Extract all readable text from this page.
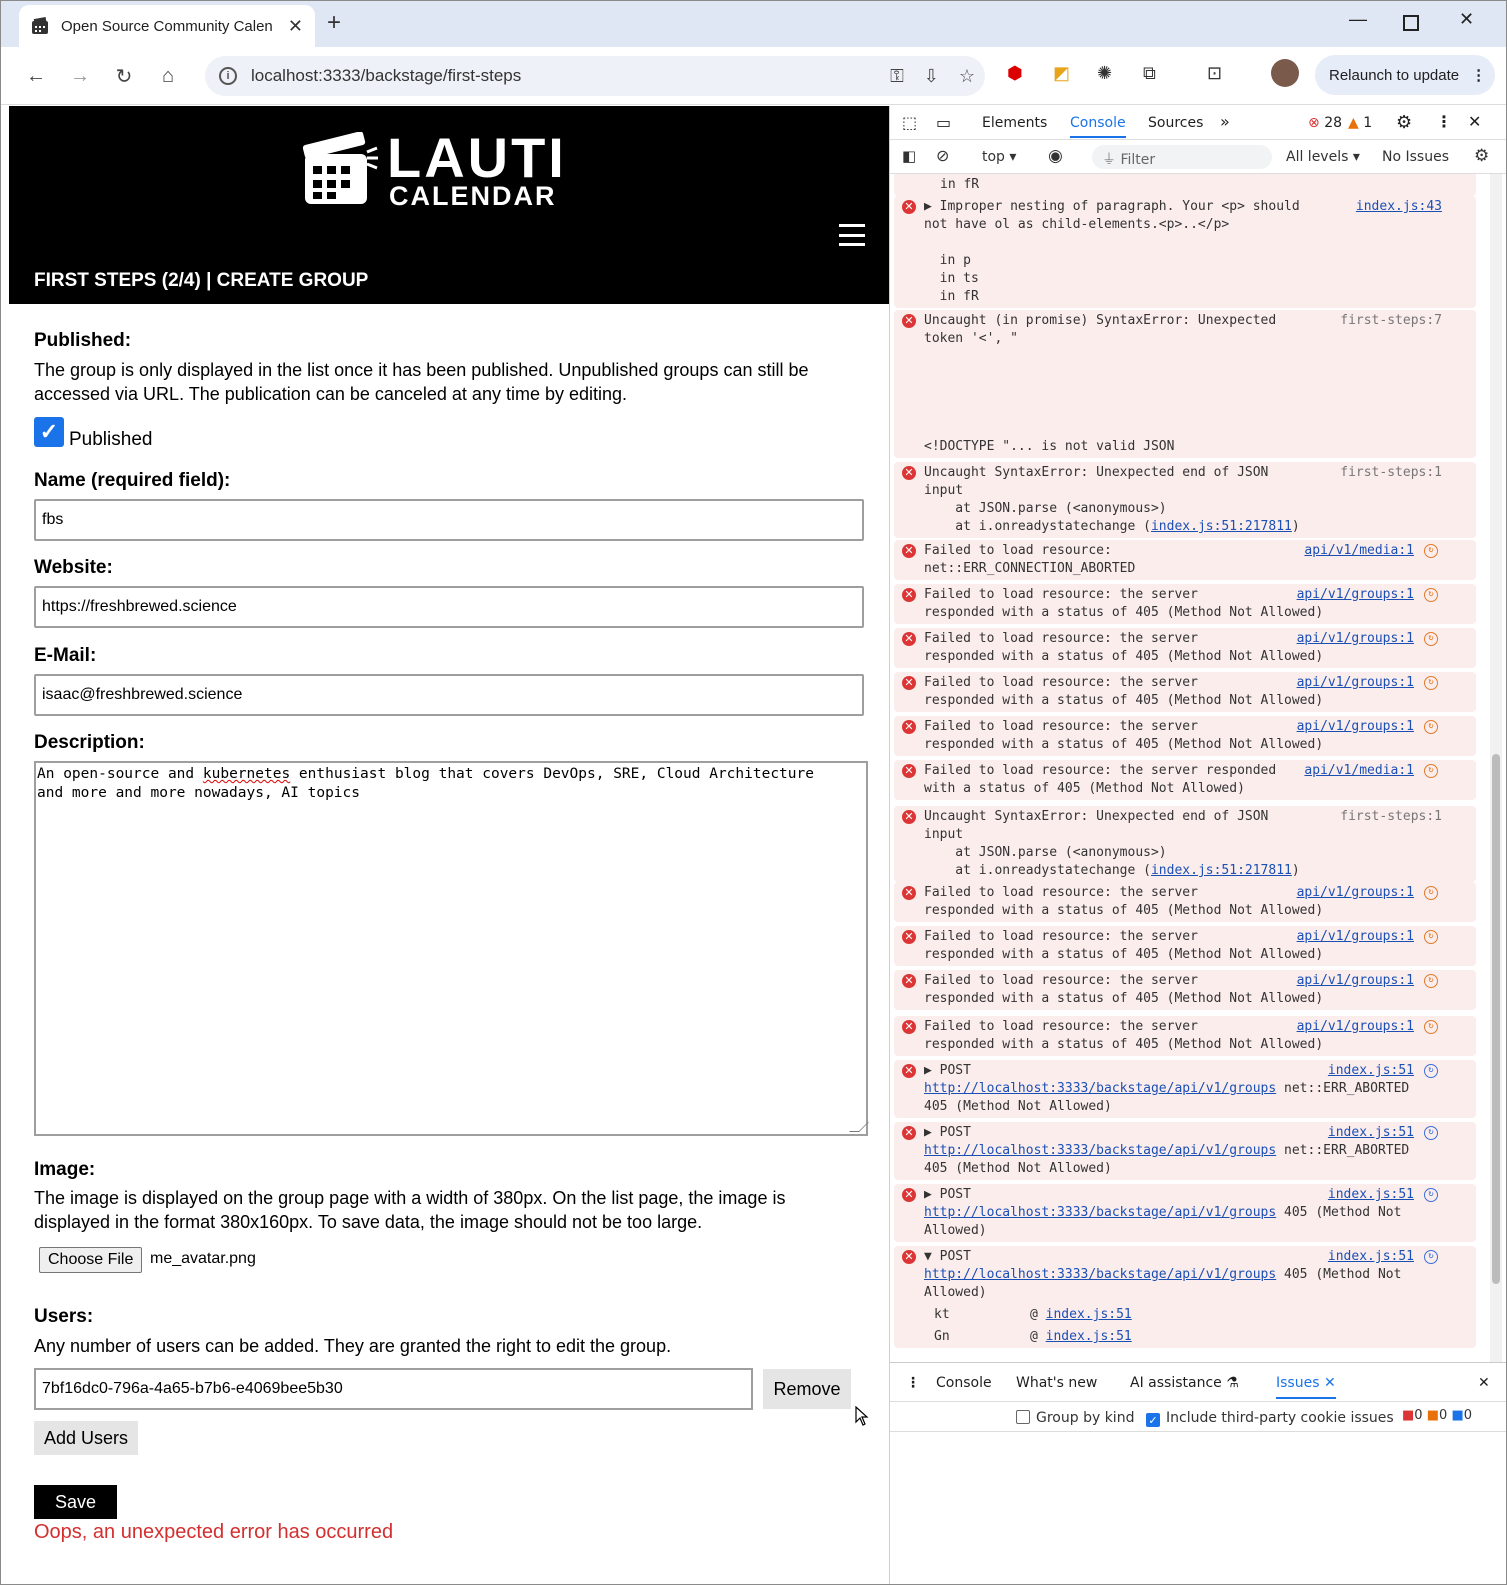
Open Source Community Calen ✕ +	—	✕
←	→	↻	⌂	i	localhost:3333/backstage/first-steps	⚿ ⇩ ☆ ⬢ ◩ ✺ ⧉	⊡	Relaunch to update ⋮
LAUTI
CALENDAR
FIRST STEPS (2/4) | CREATE GROUP
Published:
The group is only displayed in the list once it has been published. Unpublished groups can still be accessed via URL. The publication can be canceled at any time by editing.
✓ Published
Name (required field):
fbs
Website:
https://freshbrewed.science
E-Mail:
isaac@freshbrewed.science
Description:
An open-source and kubernetes enthusiast blog that covers DevOps, SRE, Cloud Architecture
and more and more nowadays, AI topics
Image:
The image is displayed on the group page with a width of 380px. On the list page, the image is displayed in the format 380x160px. To save data, the image should not be too large.
Choose File	me_avatar.png
Users:
Any number of users can be added. They are granted the right to edit the group.
7bf16dc0-796a-4a65-b7b6-e4069bee5b30	Remove
Add Users
Save
Oops, an unexpected error has occurred
⬚ ▭ Elements Console Sources »	⊗ 28 ▲ 1 ⚙ ⋮ ✕
◧ ⊘ top ▾ ◉	⏚ Filter	All levels ▾ No Issues ⚙
in fR
✕ ▶ Improper nesting of paragraph. Your <p> should
not have ol as child-elements.<p>..</p>
in p
in ts
in fR
index.js:43
✕ Uncaught (in promise) SyntaxError: Unexpected
token '<', "
<!DOCTYPE "... is not valid JSON
first-steps:7
✕ Uncaught SyntaxError: Unexpected end of JSON
input
at JSON.parse (<anonymous>)
at i.onreadystatechange (index.js:51:217811)
first-steps:1
✕ Failed to load resource:
net::ERR_CONNECTION_ABORTED
api/v1/media:1	↻
✕ Failed to load resource: the server
responded with a status of 405 (Method Not Allowed)
api/v1/groups:1	↻
✕ Failed to load resource: the server
responded with a status of 405 (Method Not Allowed)
api/v1/groups:1	↻
✕ Failed to load resource: the server
responded with a status of 405 (Method Not Allowed)
api/v1/groups:1	↻
✕ Failed to load resource: the server
responded with a status of 405 (Method Not Allowed)
api/v1/groups:1	↻
✕ Failed to load resource: the server responded
with a status of 405 (Method Not Allowed)
api/v1/media:1	↻
✕ Uncaught SyntaxError: Unexpected end of JSON
input
at JSON.parse (<anonymous>)
at i.onreadystatechange (index.js:51:217811)
first-steps:1
✕ Failed to load resource: the server
responded with a status of 405 (Method Not Allowed)
api/v1/groups:1	↻
✕ Failed to load resource: the server
responded with a status of 405 (Method Not Allowed)
api/v1/groups:1	↻
✕ Failed to load resource: the server
responded with a status of 405 (Method Not Allowed)
api/v1/groups:1	↻
✕ Failed to load resource: the server
responded with a status of 405 (Method Not Allowed)
api/v1/groups:1	↻
✕ ▶ POST
http://localhost:3333/backstage/api/v1/groups net::ERR_ABORTED
405 (Method Not Allowed)
index.js:51	↻
✕ ▶ POST
http://localhost:3333/backstage/api/v1/groups net::ERR_ABORTED
405 (Method Not Allowed)
index.js:51	↻
✕ ▶ POST
http://localhost:3333/backstage/api/v1/groups 405 (Method Not
Allowed)
index.js:51	↻
✕ ▼ POST
http://localhost:3333/backstage/api/v1/groups 405 (Method Not
Allowed)
kt	@ index.js:51
Gn	@ index.js:51
index.js:51	↻
⋮ Console What's new AI assistance ⚗	Issues ✕	✕
Group by kind ✓ Include third-party cookie issues ■0 ■0 ■0
